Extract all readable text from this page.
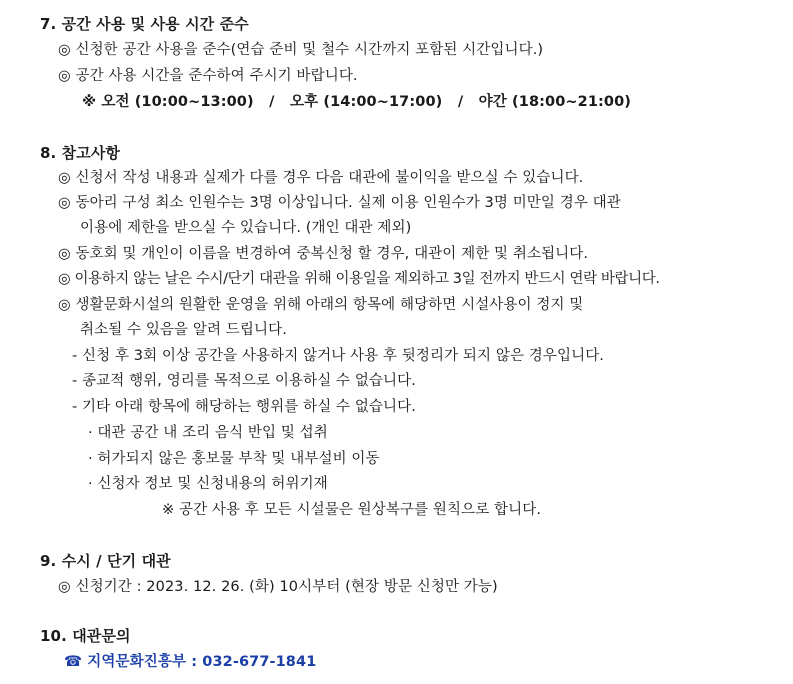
7. 공간 사용 및 사용 시간 준수
◎ 신청한 공간 사용을 준수(연습 준비 및 철수 시간까지 포함된 시간입니다.)
◎ 공간 사용 시간을 준수하여 주시기 바랍니다.
※ 오전 (10:00~13:00)   /   오후 (14:00~17:00)   /   야간 (18:00~21:00)
8. 참고사항
◎ 신청서 작성 내용과 실제가 다를 경우 다음 대관에 불이익을 받으실 수 있습니다.
◎ 동아리 구성 최소 인원수는 3명 이상입니다. 실제 이용 인원수가 3명 미만일 경우 대관
이용에 제한을 받으실 수 있습니다. (개인 대관 제외)
◎ 동호회 및 개인이 이름을 변경하여 중복신청 할 경우, 대관이 제한 및 취소됩니다.
◎ 이용하지 않는 날은 수시/단기 대관을 위해 이용일을 제외하고 3일 전까지 반드시 연락 바랍니다.
◎ 생활문화시설의 원활한 운영을 위해 아래의 항목에 해당하면 시설사용이 정지 및
취소될 수 있음을 알려 드립니다.
- 신청 후 3회 이상 공간을 사용하지 않거나 사용 후 뒷정리가 되지 않은 경우입니다.
- 종교적 행위, 영리를 목적으로 이용하실 수 없습니다.
- 기타 아래 항목에 해당하는 행위를 하실 수 없습니다.
· 대관 공간 내 조리 음식 반입 및 섭취
· 허가되지 않은 홍보물 부착 및 내부설비 이동
· 신청자 정보 및 신청내용의 허위기재
※ 공간 사용 후 모든 시설물은 원상복구를 원칙으로 합니다.
9. 수시 / 단기 대관
◎ 신청기간 : 2023. 12. 26. (화) 10시부터 (현장 방문 신청만 가능)
10. 대관문의
☎ 지역문화진흥부 : 032-677-1841
